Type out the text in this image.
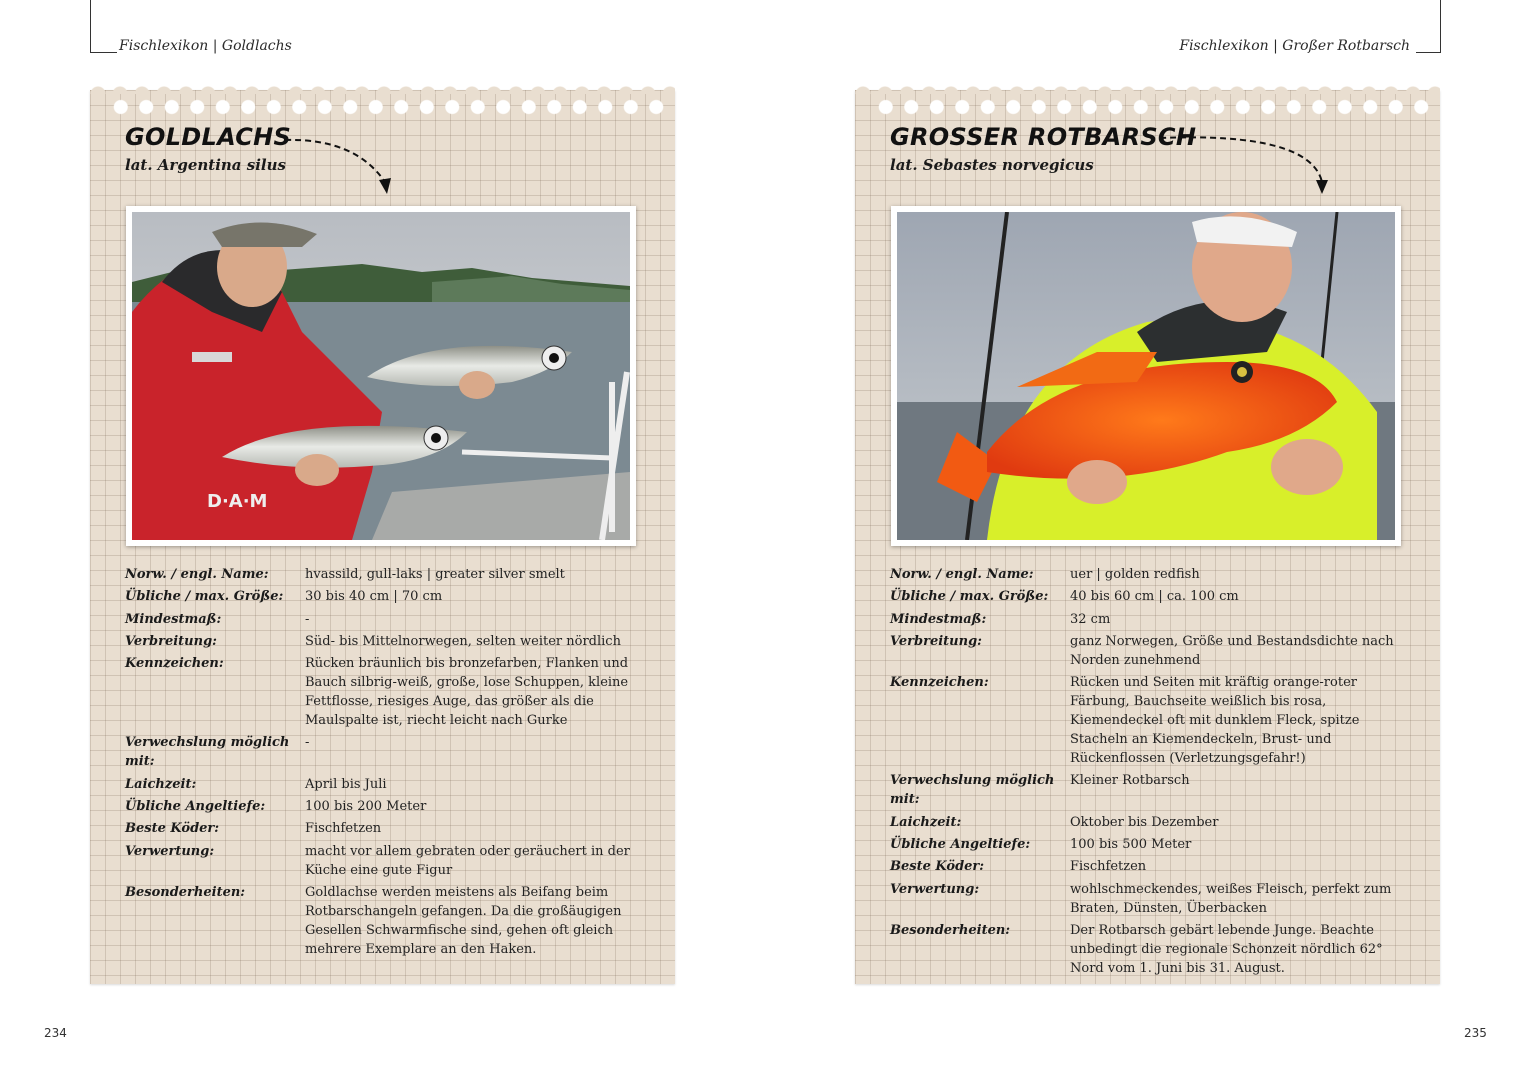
Fischlexikon | Goldlachs	Fischlexikon | Großer Rotbarsch
GOLDLACHS
lat. Argentina silus
D·A·M
Norw. / engl. Name:	hvassild, gull-laks | greater silver smelt
Übliche / max. Größe:	30 bis 40 cm | 70 cm
Mindestmaß:	-
Verbreitung:	Süd- bis Mittelnorwegen, selten weiter nördlich
Kennzeichen:	Rücken bräunlich bis bronzefarben, Flanken und Bauch silbrig-weiß, große, lose Schuppen, kleine Fettflosse, riesiges Auge, das größer als die Maulspalte ist, riecht leicht nach Gurke
Verwechslung möglich mit:
-
Laichzeit:	April bis Juli
Übliche Angeltiefe:	100 bis 200 Meter
Beste Köder:	Fischfetzen
Verwertung:	macht vor allem gebraten oder geräuchert in der Küche eine gute Figur
Besonderheiten:	Goldlachse werden meistens als Beifang beim Rotbarschangeln gefangen. Da die großäugigen Gesellen Schwarmfische sind, gehen oft gleich mehrere Exemplare an den Haken.
GROSSER ROTBARSCH
lat. Sebastes norvegicus
Norw. / engl. Name:	uer | golden redfish
Übliche / max. Größe:	40 bis 60 cm | ca. 100 cm
Mindestmaß:	32 cm
Verbreitung:	ganz Norwegen, Größe und Bestandsdichte nach Norden zunehmend
Kennzeichen:	Rücken und Seiten mit kräftig orange-roter Färbung, Bauchseite weißlich bis rosa, Kiemendeckel oft mit dunklem Fleck, spitze Stacheln an Kiemendeckeln, Brust- und Rückenflossen (Verletzungsgefahr!)
Verwechslung möglich mit:
Kleiner Rotbarsch
Laichzeit:	Oktober bis Dezember
Übliche Angeltiefe:	100 bis 500 Meter
Beste Köder:	Fischfetzen
Verwertung:	wohlschmeckendes, weißes Fleisch, perfekt zum Braten, Dünsten, Überbacken
Besonderheiten:	Der Rotbarsch gebärt lebende Junge. Beachte unbedingt die regionale Schonzeit nördlich 62° Nord vom 1. Juni bis 31. August.
234	235
